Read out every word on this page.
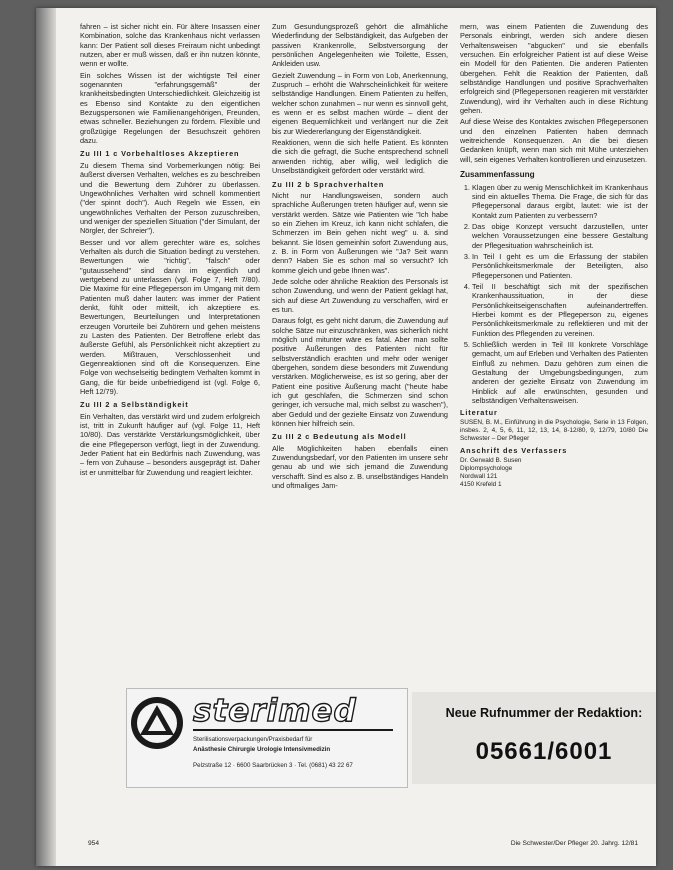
fahren – ist sicher nicht ein. Für ältere Insassen einer Kombination, solche das Krankenhaus nicht verlassen kann: Der Patient soll dieses Freiraum nicht unbedingt nutzen, aber er muß wissen, daß er ihn nutzen könnte, wenn er wollte.

Ein solches Wissen ist der wichtigste Teil einer sogenannten "erfahrungsgemäß" der krankheitsbedingten Unterschiedlichkeit. Gleichzeitig ist es Ebenso sind Kontakte zu den eigentlichen Bezugspersonen wie Familienangehörigen, Freunden, etwas schneller. Beziehungen zu fördern. Flexible und großzügige Regelungen der Besuchszeit gehören dazu.

Zu III 1 c Vorbehaltloses Akzeptieren

Zu diesem Thema sind Vorbemerkungen nötig: Bei äußerst diversen Verhalten, welches es zu beschreiben und die Bewertung dem Zuhörer zu überlassen. Ungewöhnliches Verhalten wird schnell kommentiert ("der spinnt doch"). Auch Regeln wie Essen, ein ungewöhnliches Verhalten der Person zuzuschreiben, und weniger der speziellen Situation ("der Simulant, der Nörgler, der Schreier").

Besser und vor allem gerechter wäre es, solches Verhalten als durch die Situation bedingt zu verstehen. Bewertungen wie "richtig", "falsch" oder "gutaussehend" sind dann im eigentlich und wertgebend zu unterlassen (vgl. Folge 7, Heft 7/80). Die Maxime für eine Pflegeperson im Umgang mit dem Patienten muß daher lauten: was immer der Patient denkt, fühlt oder mitteilt, ich akzeptiere es. Bewertungen, Beurteilungen und Interpretationen erzeugen Vorurteile bei Zuhörern und gehen meistens zu Lasten des Patienten. Der Betroffene erlebt das äußerste Gefühl, als Persönlichkeit nicht akzeptiert zu werden. Mißtrauen, Verschlossenheit und Gegenreaktionen sind oft die Konsequenzen. Eine Folge von wechselseitig bedingtem Verhalten kommt in Gang, die für beide unbefriedigend ist (vgl. Folge 6, Heft 12/79).

Zu III 2 a Selbständigkeit

Ein Verhalten, das verstärkt wird und zudem erfolgreich ist, tritt in Zukunft häufiger auf (vgl. Folge 11, Heft 10/80). Das verstärkte Verstärkungsmöglichkeit, über die eine Pflegeperson verfügt, liegt in der Zuwendung. Jeder Patient hat ein Bedürfnis nach Zuwendung, was – fern von Zuhause – besonders ausgeprägt ist. Daher ist er unmittelbar für Zuwendung und reagiert leichter.

Zum Gesundungsprozeß gehört die allmähliche Wiederfindung der Selbständigkeit, das Aufgeben der passiven Krankenrolle, Selbstversorgung der persönlichen Angelegenheiten wie Toilette, Essen, Ankleiden usw.

Gezielt Zuwendung – in Form von Lob, Anerkennung, Zuspruch – erhöht die Wahrscheinlichkeit für weitere selbständige Handlungen. Einem Patienten zu helfen, welcher schon zunahmen – nur wenn es sinnvoll geht, es wenn er es selbst machen würde – dient der eigenen Bequemlichkeit und verlängert nur die Zeit bis zur Wiedererlangung der Eigenständigkeit.

Reaktionen, wenn die sich helfe Patient. Es könnten die sich die gefragt, die Suche entsprechend schnell anwenden richtig, aber willig, weil lediglich die Unselbständigkeit gefördert oder verstärkt wird.

Zu III 2 b Sprachverhalten

Nicht nur Handlungsweisen, sondern auch sprachliche Äußerungen treten häufiger auf, wenn sie verstärkt werden. Sätze wie Patienten wie "Ich habe so ein Ziehen im Kreuz, ich kann nicht schlafen, die Schmerzen im Bein gehen nicht weg" u. ä. sind bekannt. Sie lösen gemeinhin sofort Zuwendung aus, z. B. in Form von Äußerungen wie "Ja? Seit wann denn? Haben Sie es schon mal so versucht? Ich komme gleich und gebe Ihnen was".

Jede solche oder ähnliche Reaktion des Personals ist schon Zuwendung, und wenn der Patient geklagt hat, sich auf diese Art Zuwendung zu verschaffen, wird er es tun.

Daraus folgt, es geht nicht darum, die Zuwendung auf solche Sätze nur einzuschränken, was sicherlich nicht möglich und mitunter wäre es fatal. Aber man sollte positive Äußerungen des Patienten nicht für selbstverständlich erachten und mehr oder weniger übergehen, sondern diese besonders mit Zuwendung verstärken. Möglicherweise, es ist so gering, aber der Patient eine positive Äußerung macht ("heute habe ich gut geschlafen, die Schmerzen sind schon geringer, ich versuche mal, mich selbst zu waschen"), aber Geduld und der gezielte Einsatz von Zuwendung können hier hilfreich sein.

Zu III 2 c Bedeutung als Modell

Alle Möglichkeiten haben ebenfalls einen Zuwendungsbedarf, vor den Patienten im unsere sehr genau ab und wie sich jemand die Zuwendung verschafft. Sind es also z. B. unselbständiges Handeln und oftmaliges Jam-

mern, was einem Patienten die Zuwendung des Personals einbringt, werden sich andere diesen Verhaltensweisen "abgucken" und sie ebenfalls versuchen. Ein erfolgreicher Patient ist auf diese Weise ein Modell für den Patienten. Die anderen Patienten übergehen. Fehlt die Reaktion der Patienten, daß selbständige Handlungen und positive Sprachverhalten erfolgreich sind (Pflegepersonen reagieren mit verstärkter Zuwendung), wird ihr Verhalten auch in diese Richtung gehen.

Auf diese Weise des Kontaktes zwischen Pflegepersonen und den einzelnen Patienten haben demnach weitreichende Konsequenzen. An die bei diesen Gedanken knüpft, wenn man sich mit Mühe unterziehen will, sein eigenes Verhalten kontrollieren und einzusetzen.

Zusammenfassung
1. Klagen über zu wenig Menschlichkeit im Krankenhaus sind ein aktuelles Thema. Die Frage, die sich für das Pflegepersonal daraus ergibt, lautet: wie ist der Kontakt zum Patienten zu verbessern?
2. Das obige Konzept versucht darzustellen, unter welchen Voraussetzungen eine bessere Gestaltung der Pflegesituation wahrscheinlich ist.
3. In Teil I geht es um die Erfassung der stabilen Persönlichkeitsmerkmale der Beteiligten, also Pflegepersonen und Patienten.
4. Teil II beschäftigt sich mit der spezifischen Krankenhaussituation, in der diese Persönlichkeitseigenschaften aufeinandertreffen. Hierbei kommt es der Pflegeperson zu, eigenes Persönlichkeitsmerkmale zu reflektieren und mit der Funktion des Pflegenden zu vereinen.
5. Schließlich werden in Teil III konkrete Vorschläge gemacht, um auf Erleben und Verhalten des Patienten Einfluß zu nehmen. Dazu gehören zum einen die Gestaltung der Umgebungsbedingungen, zum anderen der gezielte Einsatz von Zuwendung im Hinblick auf alle erwünschten, gesunden und selbständigen Verhaltensweisen.
Literatur

SUSEN, B. M., Einführung in die Psychologie, Serie in 13 Folgen, insbes. 2, 4, 5, 6, 11, 12, 13, 14, 8-12/80, 9, 12/79, 10/80 Die Schwester – Der Pfleger

Anschrift des Verfassers
Dr. Gerwald B. Susen
Diplompsychologe
Nordwall 121
4150 Krefeld 1
sterimed
Sterilisationsverpackungen/Praxisbedarf für
Anästhesie Chirurgie Urologie Intensivmedizin
Pelzstraße 12 · 6600 Saarbrücken 3 · Tel. (0681) 43 22 67
Neue Rufnummer der Redaktion:
05661/6001
954	Die Schwester/Der Pfleger 20. Jahrg. 12/81
